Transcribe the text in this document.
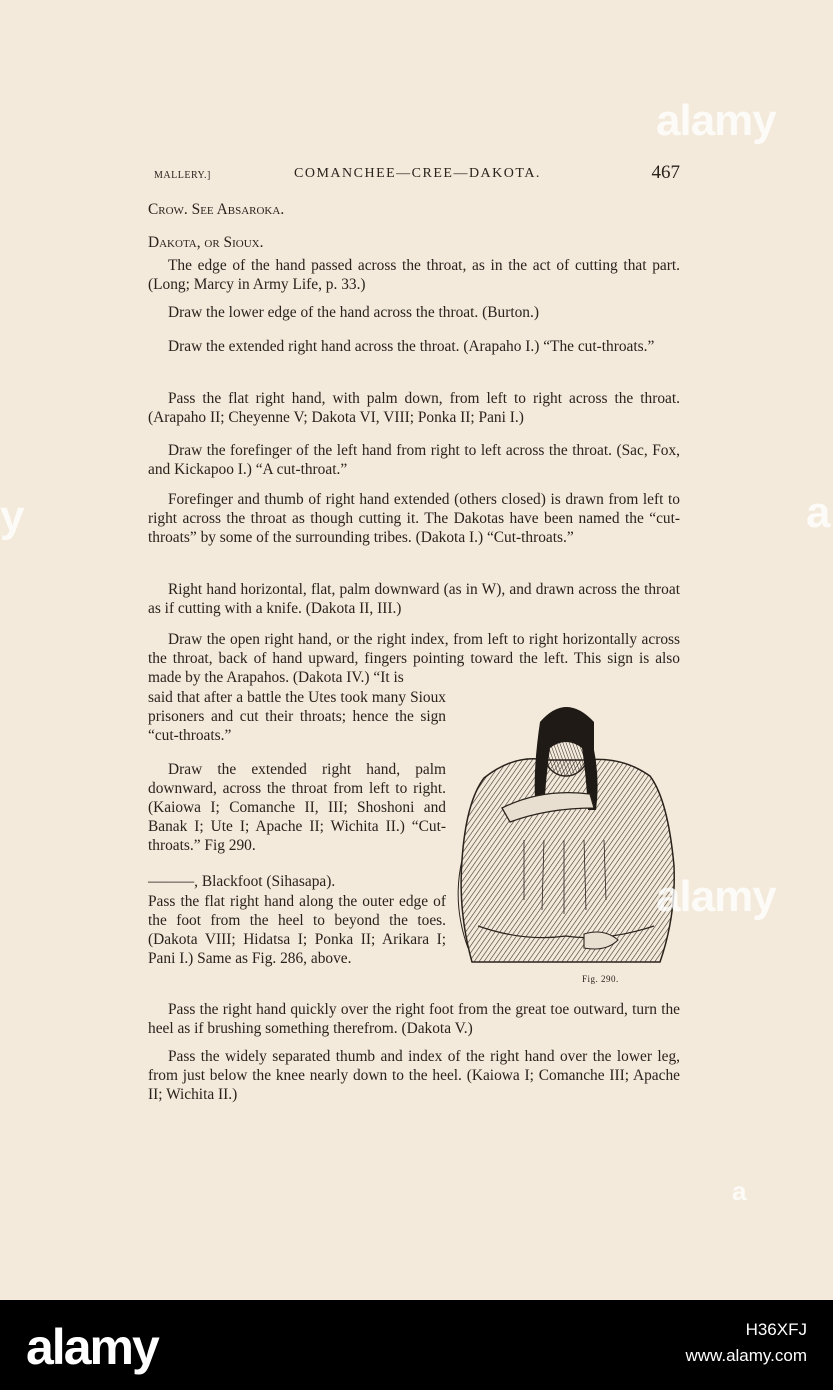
MALLERY.]	COMANCHEE—CREE—DAKOTA.	467
Crow. See Absaroka.
Dakota, or Sioux.
The edge of the hand passed across the throat, as in the act of cutting that part. (Long; Marcy in Army Life, p. 33.)
Draw the lower edge of the hand across the throat. (Burton.)
Draw the extended right hand across the throat. (Arapaho I.) “The cut-throats.”
Pass the flat right hand, with palm down, from left to right across the throat. (Arapaho II; Cheyenne V; Dakota VI, VIII; Ponka II; Pani I.)
Draw the forefinger of the left hand from right to left across the throat. (Sac, Fox, and Kickapoo I.) “A cut-throat.”
Forefinger and thumb of right hand extended (others closed) is drawn from left to right across the throat as though cutting it. The Dakotas have been named the “cut-throats” by some of the surrounding tribes. (Dakota I.) “Cut-throats.”
Right hand horizontal, flat, palm downward (as in W), and drawn across the throat as if cutting with a knife. (Dakota II, III.)
Draw the open right hand, or the right index, from left to right horizontally across the throat, back of hand upward, fingers pointing toward the left. This sign is also made by the Arapahos. (Dakota IV.) “It is
said that after a battle the Utes took many Sioux prisoners and cut their throats; hence the sign “cut-throats.”
Draw the extended right hand, palm downward, across the throat from left to right. (Kaiowa I; Comanche II, III; Shoshoni and Banak I; Ute I; Apache II; Wichita II.) “Cut-throats.” Fig 290.
———, Blackfoot (Sihasapa).
Pass the flat right hand along the outer edge of the foot from the heel to beyond the toes. (Dakota VIII; Hidatsa I; Ponka II; Arikara I; Pani I.) Same as Fig. 286, above.
Pass the right hand quickly over the right foot from the great toe outward, turn the heel as if brushing something therefrom. (Dakota V.)
Pass the widely separated thumb and index of the right hand over the lower leg, from just below the knee nearly down to the heel. (Kaiowa I; Comanche III; Apache II; Wichita II.)
Fig. 290.
alamy
alamy
y	a
a
alamy	H36XFJ
www.alamy.com
